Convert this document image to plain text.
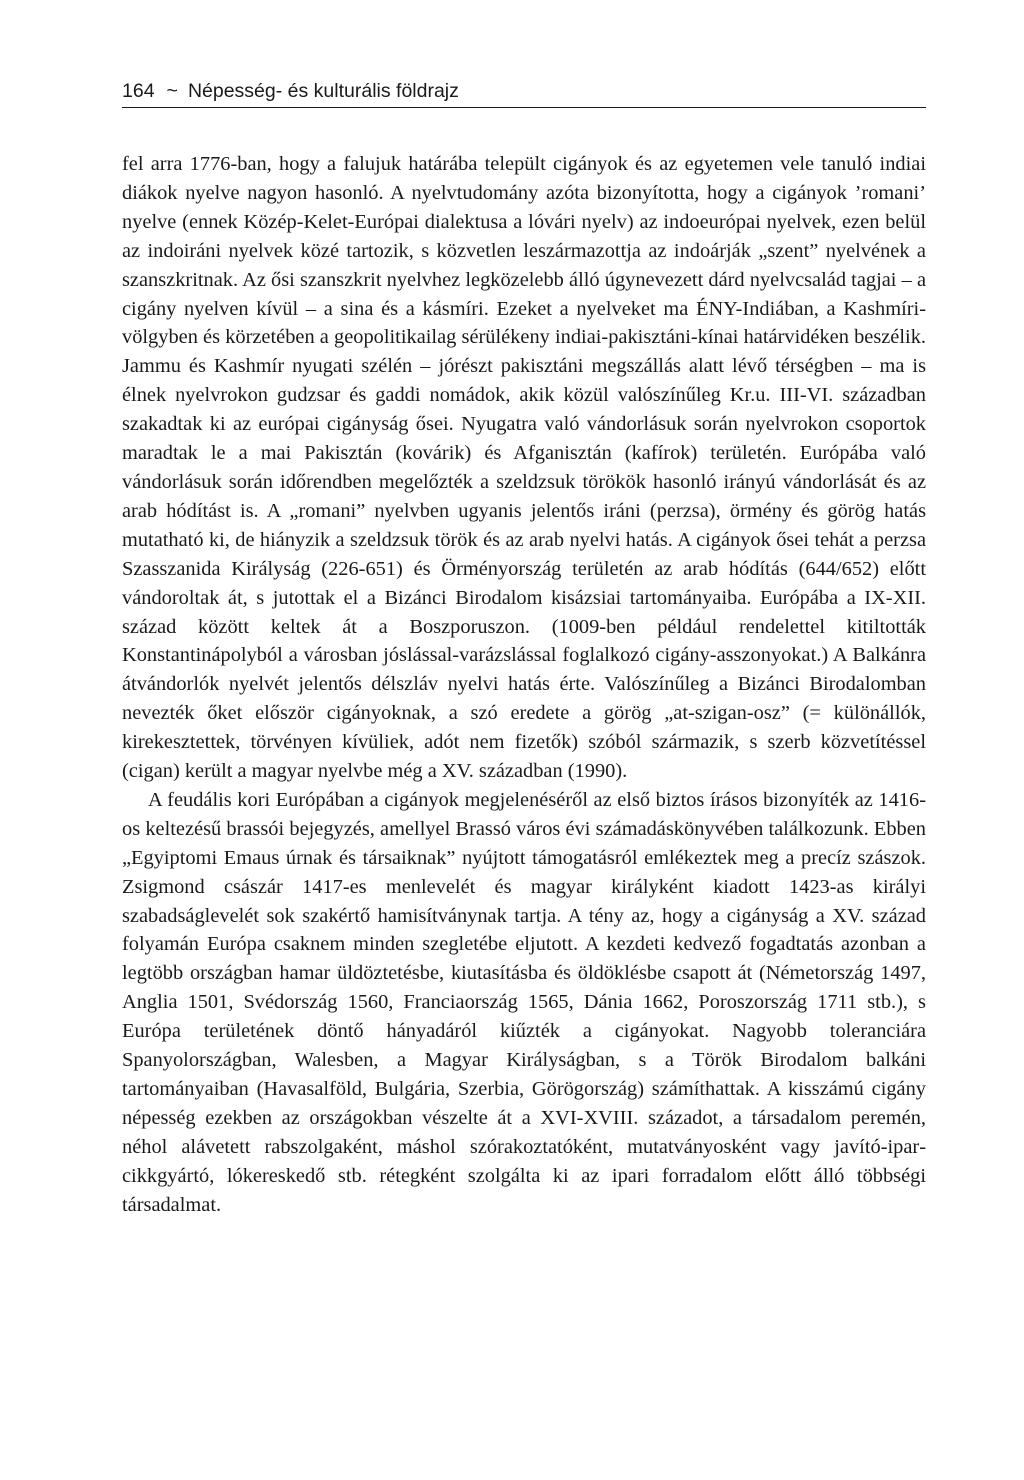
164 ~ Népesség- és kulturális földrajz

fel arra 1776-ban, hogy a falujuk határába települt cigányok és az egyetemen vele tanuló indiai diákok nyelve nagyon hasonló. A nyelvtudomány azóta bizonyította, hogy a cigányok ’romani’ nyelve (ennek Közép-Kelet-Európai dialektusa a lóvári nyelv) az indoeurópai nyelvek, ezen belül az indoiráni nyelvek közé tartozik, s közvetlen leszármazottja az indoárják „szent” nyelvének a szanszkritnak. Az ősi szanszkrit nyelvhez legközelebb álló úgynevezett dárd nyelvcsalád tagjai – a cigány nyelven kívül – a sina és a kásmíri. Ezeket a nyelveket ma ÉNY-Indiában, a Kashmíri-völgyben és körzetében a geopolitikailag sérülékeny indiai-pakisztáni-kínai határvidéken beszélik. Jammu és Kashmír nyugati szélén – jórészt pakisztáni megszállás alatt lévő térségben – ma is élnek nyelvrokon gudzsar és gaddi nomádok, akik közül valószínűleg Kr.u. III-VI. században szakadtak ki az európai cigányság ősei. Nyugatra való vándorlásuk során nyelvrokon csoportok maradtak le a mai Pakisztán (kovárik) és Afganisztán (kafírok) területén. Európába való vándorlásuk során időrendben megelőzték a szeldzsuk törökök hasonló irányú vándorlását és az arab hódítást is. A „romani” nyelvben ugyanis jelentős iráni (perzsa), örmény és görög hatás mutatható ki, de hiányzik a szeldzsuk török és az arab nyelvi hatás. A cigányok ősei tehát a perzsa Szasszanida Királyság (226-651) és Örményország területén az arab hódítás (644/652) előtt vándoroltak át, s jutottak el a Bizánci Birodalom kisázsiai tartományaiba. Európába a IX-XII. század között keltek át a Boszporuszon. (1009-ben például rendelettel kitiltották Konstantinápolyból a városban jóslással-varázslással foglalkozó cigány-asszonyokat.) A Balkánra átvándorlók nyelvét jelentős délszláv nyelvi hatás érte. Valószínűleg a Bizánci Birodalomban nevezték őket először cigányoknak, a szó eredete a görög „at-szigan-osz” (= különállók, kirekesztettek, törvényen kívüliek, adót nem fizetők) szóból származik, s szerb közvetítéssel (cigan) került a magyar nyelvbe még a XV. században (1990).

A feudális kori Európában a cigányok megjelenéséről az első biztos írásos bizonyíték az 1416-os keltezésű brassói bejegyzés, amellyel Brassó város évi számadáskönyvében találkozunk. Ebben „Egyiptomi Emaus úrnak és társaiknak” nyújtott támogatásról emlékeztek meg a precíz szászok. Zsigmond császár 1417-es menlevelét és magyar királyként kiadott 1423-as királyi szabadságlevelét sok szakértő hamisítványnak tartja. A tény az, hogy a cigányság a XV. század folyamán Európa csaknem minden szegletébe eljutott. A kezdeti kedvező fogadtatás azonban a legtöbb országban hamar üldöztetésbe, kiutasításba és öldöklésbe csapott át (Németország 1497, Anglia 1501, Svédország 1560, Franciaország 1565, Dánia 1662, Poroszország 1711 stb.), s Európa területének döntő hányadáról kiűzték a cigányokat. Nagyobb toleranciára Spanyolországban, Walesben, a Magyar Királyságban, s a Török Birodalom balkáni tartományaiban (Havasalföld, Bulgária, Szerbia, Görögország) számíthattak. A kisszámú cigány népesség ezekben az országokban vészelte át a XVI-XVIII. századot, a társadalom peremén, néhol alávetett rabszolgaként, máshol szórakoztatóként, mutatványosként vagy javító-iparcikkgyártó, lókereskedő stb. rétegként szolgálta ki az ipari forradalom előtt álló többségi társadalmat.
